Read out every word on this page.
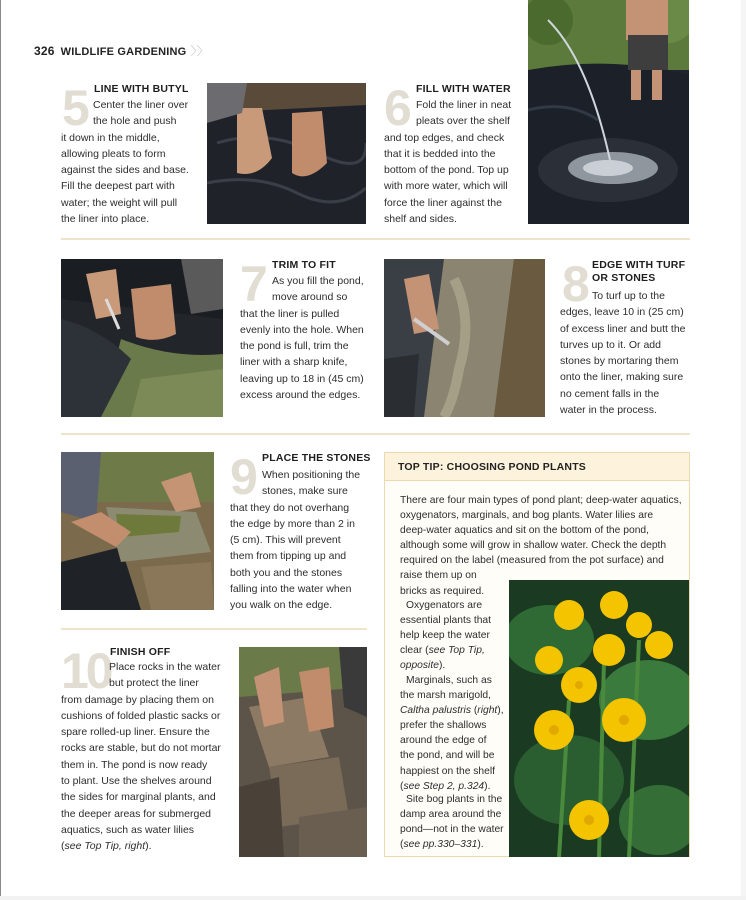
326 WILDLIFE GARDENING 〉〉
5 LINE WITH BUTYL
Center the liner over
the hole and push
it down in the middle,
allowing pleats to form
against the sides and base.
Fill the deepest part with
water; the weight will pull
the liner into place.
6 FILL WITH WATER
Fold the liner in neat
pleats over the shelf
and top edges, and check
that it is bedded into the
bottom of the pond. Top up
with more water, which will
force the liner against the
shelf and sides.
7 TRIM TO FIT
As you fill the pond,
move around so
that the liner is pulled
evenly into the hole. When
the pond is full, trim the
liner with a sharp knife,
leaving up to 18 in (45 cm)
excess around the edges.
8 EDGE WITH TURF
OR STONES
To turf up to the
edges, leave 10 in (25 cm)
of excess liner and butt the
turves up to it. Or add
stones by mortaring them
onto the liner, making sure
no cement falls in the
water in the process.
9 PLACE THE STONES
When positioning the
stones, make sure
that they do not overhang
the edge by more than 2 in
(5 cm). This will prevent
them from tipping up and
both you and the stones
falling into the water when
you walk on the edge.
10 FINISH OFF
Place rocks in the water
but protect the liner
from damage by placing them on
cushions of folded plastic sacks or
spare rolled-up liner. Ensure the
rocks are stable, but do not mortar
them in. The pond is now ready
to plant. Use the shelves around
the sides for marginal plants, and
the deeper areas for submerged
aquatics, such as water lilies
(see Top Tip, right).
TOP TIP: CHOOSING POND PLANTS
There are four main types of pond plant; deep-water aquatics,
oxygenators, marginals, and bog plants. Water lilies are
deep-water aquatics and sit on the bottom of the pond,
although some will grow in shallow water. Check the depth
required on the label (measured from the pot surface) and
raise them up on
bricks as required.
Oxygenators are
essential plants that
help keep the water
clear (see Top Tip,
opposite).
Marginals, such as
the marsh marigold,
Caltha palustris (right),
prefer the shallows
around the edge of
the pond, and will be
happiest on the shelf
(see Step 2, p.324).
Site bog plants in the
damp area around the
pond—not in the water
(see pp.330–331).
